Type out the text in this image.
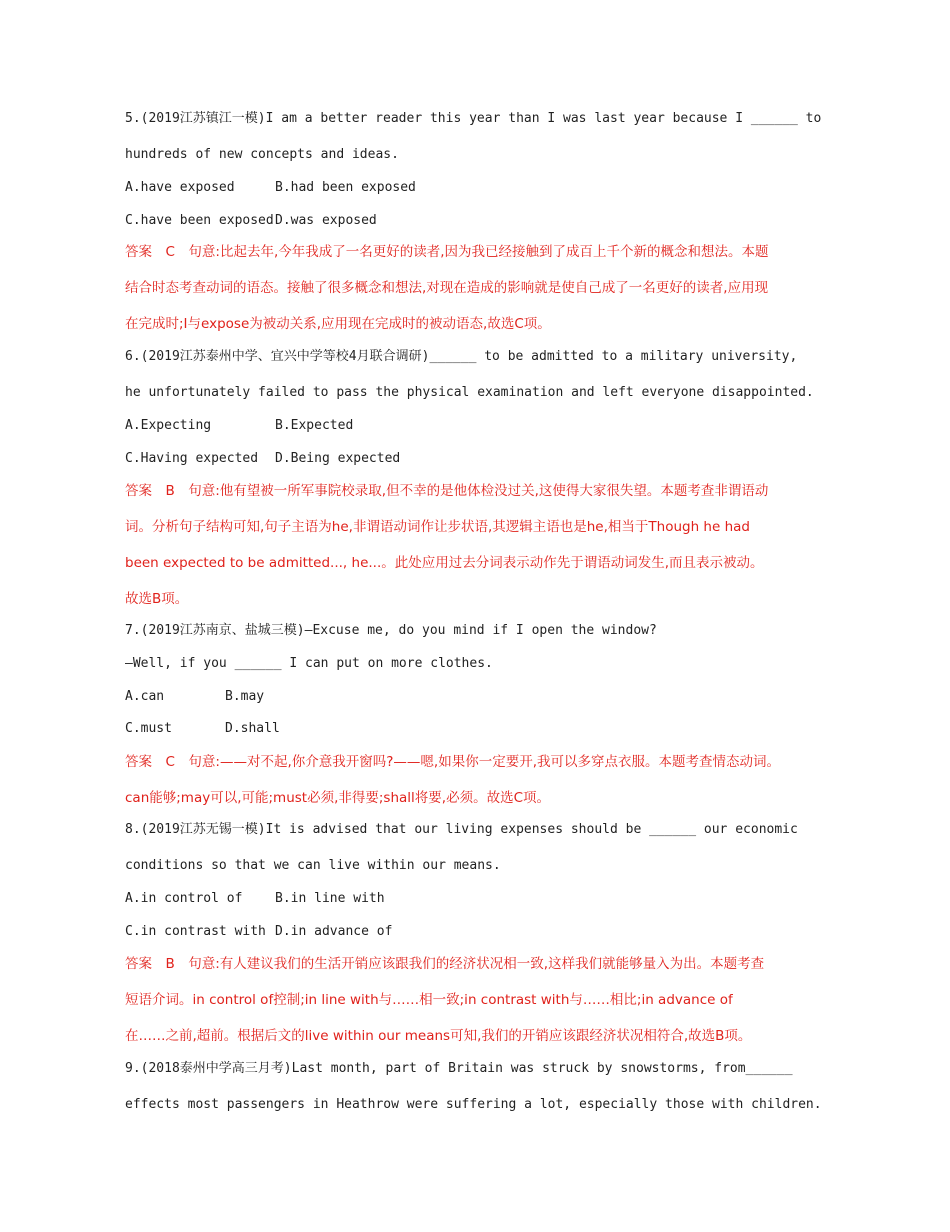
5.(2019江苏镇江一模)I am a better reader this year than I was last year because I ______ to
hundreds of new concepts and ideas.
A.have exposed	B.had been exposed
C.have been exposedD.was exposed
答案　C　句意:比起去年,今年我成了一名更好的读者,因为我已经接触到了成百上千个新的概念和想法。本题
结合时态考查动词的语态。接触了很多概念和想法,对现在造成的影响就是使自己成了一名更好的读者,应用现
在完成时;I与expose为被动关系,应用现在完成时的被动语态,故选C项。
6.(2019江苏泰州中学、宜兴中学等校4月联合调研)______ to be admitted to a military university,
he unfortunately failed to pass the physical examination and left everyone disappointed.
A.Expecting	B.Expected
C.Having expected D.Being expected
答案　B　句意:他有望被一所军事院校录取,但不幸的是他体检没过关,这使得大家很失望。本题考查非谓语动
词。分析句子结构可知,句子主语为he,非谓语动词作让步状语,其逻辑主语也是he,相当于Though he had
been expected to be admitted..., he...。此处应用过去分词表示动作先于谓语动词发生,而且表示被动。
故选B项。
7.(2019江苏南京、盐城三模)—Excuse me, do you mind if I open the window?
—Well, if you ______ I can put on more clothes.
A.can	B.may
C.must	D.shall
答案　C　句意:——对不起,你介意我开窗吗?——嗯,如果你一定要开,我可以多穿点衣服。本题考查情态动词。
can能够;may可以,可能;must必须,非得要;shall将要,必须。故选C项。
8.(2019江苏无锡一模)It is advised that our living expenses should be ______ our economic
conditions so that we can live within our means.
A.in control of	B.in line with
C.in contrast with D.in advance of
答案　B　句意:有人建议我们的生活开销应该跟我们的经济状况相一致,这样我们就能够量入为出。本题考查
短语介词。in control of控制;in line with与……相一致;in contrast with与……相比;in advance of
在……之前,超前。根据后文的live within our means可知,我们的开销应该跟经济状况相符合,故选B项。
9.(2018泰州中学高三月考)Last month, part of Britain was struck by snowstorms, from______
effects most passengers in Heathrow were suffering a lot, especially those with children.
